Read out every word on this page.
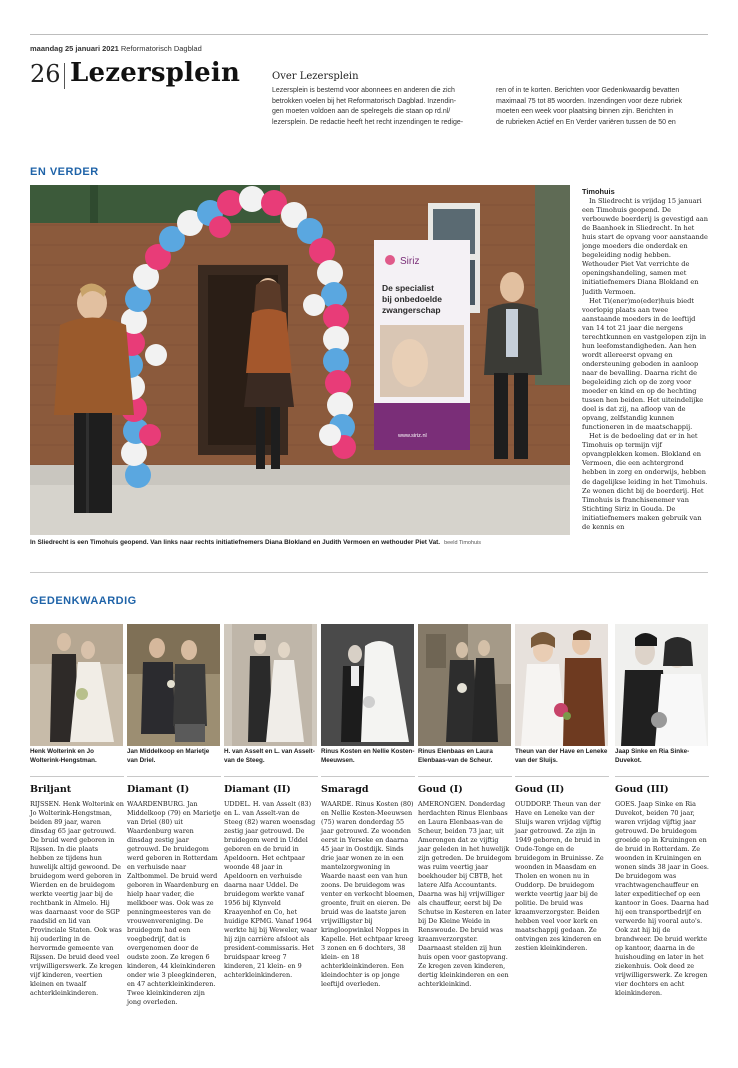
maandag 25 januari 2021 Reformatorisch Dagblad
26 Lezersplein	Over Lezersplein
Lezersplein is bestemd voor abonnees en anderen die zich
betrokken voelen bij het Reformatorisch Dagblad. Inzendin-
gen moeten voldoen aan de spelregels die staan op rd.nl/
lezersplein. De redactie heeft het recht inzendingen te redige-
ren of in te korten. Berichten voor Gedenkwaardig bevatten
maximaal 75 tot 85 woorden. Inzendingen voor deze rubriek
moeten een week voor plaatsing binnen zijn. Berichten in
de rubrieken Actief en En Verder variëren tussen de 50 en
EN VERDER
Siriz
De specialist
bij onbedoelde
zwangerschap
www.siriz.nl
In Sliedrecht is een Timohuis geopend. Van links naar rechts initiatiefnemers Diana Blokland en Judith Vermoen en wethouder Piet Vat. beeld Timohuis
Timohuis

In Sliedrecht is vrijdag 15 januari een Timohuis geopend. De verbouwde boerderij is gevestigd aan de Baanhoek in Sliedrecht. In het huis start de opvang voor aanstaande jonge moeders die onderdak en begeleiding nodig hebben. Wethouder Piet Vat verrichte de openingshandeling, samen met initiatiefnemers Diana Blokland en Judith Vermoen.

Het Ti(ener)mo(eder)huis biedt voorlopig plaats aan twee aanstaande moeders in de leeftijd van 14 tot 21 jaar die nergens terechtkunnen en vastgelopen zijn in hun leefomstandigheden. Aan hen wordt allereerst opvang en ondersteuning geboden in aanloop naar de bevalling. Daarna richt de begeleiding zich op de zorg voor moeder en kind en op de hechting tussen hen beiden. Het uiteindelijke doel is dat zij, na afloop van de opvang, zelfstandig kunnen functioneren in de maatschappij.

Het is de bedoeling dat er in het Timohuis op termijn vijf opvangplekken komen. Blokland en Vermoen, die een achtergrond hebben in zorg en onderwijs, hebben de dagelijkse leiding in het Timohuis. Ze wonen dicht bij de boerderij. Het Timohuis is franchisenemer van Stichting Siriz in Gouda. De initiatiefnemers maken gebruik van de kennis en

GEDENKWAARDIG
Henk Wolterink en Jo Wolterink-Hengstman.
Jan Middelkoop en Marietje van Driel.
H. van Asselt en L. van Asselt-van de Steeg.
Rinus Kosten en Nellie Kosten-Meeuwsen.
Rinus Elenbaas en Laura Elenbaas-van de Scheur.
Theun van der Have en Leneke van der Sluijs.
Jaap Sinke en Ria Sinke-Duvekot.
Briljant	Diamant (I)	Diamant (II)	Smaragd	Goud (I)	Goud (II)	Goud (III)
RIJSSEN. Henk Wolterink en Jo Wolterink-Hengstman, beiden 89 jaar, waren dinsdag 65 jaar getrouwd. De bruid werd geboren in Rijssen. In die plaats hebben ze tijdens hun huwelijk altijd gewoond. De bruidegom werd geboren in Wierden en de bruidegom werkte veertig jaar bij de rechtbank in Almelo. Hij was daarnaast voor de SGP raadslid en lid van Provinciale Staten. Ook was hij ouderling in de hervormde gemeente van Rijssen. De bruid deed veel vrijwilligerswerk. Ze kregen vijf kinderen, veertien kleinen en twaalf achterkleinkinderen.
WAARDENBURG. Jan Middelkoop (79) en Marietje van Driel (80) uit Waardenburg waren dinsdag zestig jaar getrouwd. De bruidegom werd geboren in Rotterdam en verhuisde naar Zaltbommel. De bruid werd geboren in Waardenburg en hielp haar vader, die melkboer was. Ook was ze penningmeesteres van de vrouwenvereniging. De bruidegom had een voegbedrijf, dat is overgenomen door de oudste zoon. Ze kregen 6 kinderen, 44 kleinkinderen onder wie 3 pleegkinderen, en 47 achterkleinkinderen. Twee kleinkinderen zijn jong overleden.
UDDEL. H. van Asselt (83) en L. van Asselt-van de Steeg (82) waren woensdag zestig jaar getrouwd. De bruidegom werd in Uddel geboren en de bruid in Apeldoorn. Het echtpaar woonde 48 jaar in Apeldoorn en verhuisde daarna naar Uddel. De bruidegom werkte vanaf 1956 bij Klynveld Kraayenhof en Co, het huidige KPMG. Vanaf 1964 werkte hij bij Weweler, waar hij zijn carrière afsloot als president-commissaris. Het bruidspaar kreeg 7 kinderen, 21 klein- en 9 achterkleinkinderen.
WAARDE. Rinus Kosten (80) en Nellie Kosten-Meeuwsen (75) waren donderdag 55 jaar getrouwd. Ze woonden eerst in Yerseke en daarna 45 jaar in Oostdijk. Sinds drie jaar wonen ze in een mantelzorgwoning in Waarde naast een van hun zoons. De bruidegom was venter en verkocht bloemen, groente, fruit en eieren. De bruid was de laatste jaren vrijwilligster bij kringloopwinkel Noppes in Kapelle. Het echtpaar kreeg 3 zonen en 6 dochters, 38 klein- en 18 achterkleinkinderen. Een kleindochter is op jonge leeftijd overleden.
AMERONGEN. Donderdag herdachten Rinus Elenbaas en Laura Elenbaas-van de Scheur, beiden 73 jaar, uit Amerongen dat ze vijftig jaar geleden in het huwelijk zijn getreden. De bruidegom was ruim veertig jaar boekhouder bij CBTB, het latere Alfa Accountants. Daarna was hij vrijwilliger als chauffeur, eerst bij De Schutse in Kesteren en later bij De Kleine Weide in Renswoude. De bruid was kraamverzorgster. Daarnaast stelden zij hun huis open voor gastopvang. Ze kregen zeven kinderen, dertig kleinkinderen en een achterkleinkind.
OUDDORP. Theun van der Have en Leneke van der Sluijs waren vrijdag vijftig jaar getrouwd. Ze zijn in 1949 geboren, de bruid in Oude-Tonge en de bruidegom in Bruinisse. Ze woonden in Maasdam en Tholen en wonen nu in Ouddorp. De bruidegom werkte veertig jaar bij de politie. De bruid was kraamverzorgster. Beiden hebben veel voor kerk en maatschappij gedaan. Ze ontvingen zes kinderen en zestien kleinkinderen.
GOES. Jaap Sinke en Ria Duvekot, beiden 70 jaar, waren vrijdag vijftig jaar getrouwd. De bruidegom groeide op in Kruiningen en de bruid in Rotterdam. Ze woonden in Kruiningen en wonen sinds 38 jaar in Goes. De bruidegom was vrachtwagenchauffeur en later expeditiechef op een kantoor in Goes. Daarna had hij een transportbedrijf en verwerde hij vooral auto's. Ook zat hij bij de brandweer. De bruid werkte op kantoor, daarna in de huishouding en later in het ziekenhuis. Ook deed ze vrijwilligerswerk. Ze kregen vier dochters en acht kleinkinderen.
